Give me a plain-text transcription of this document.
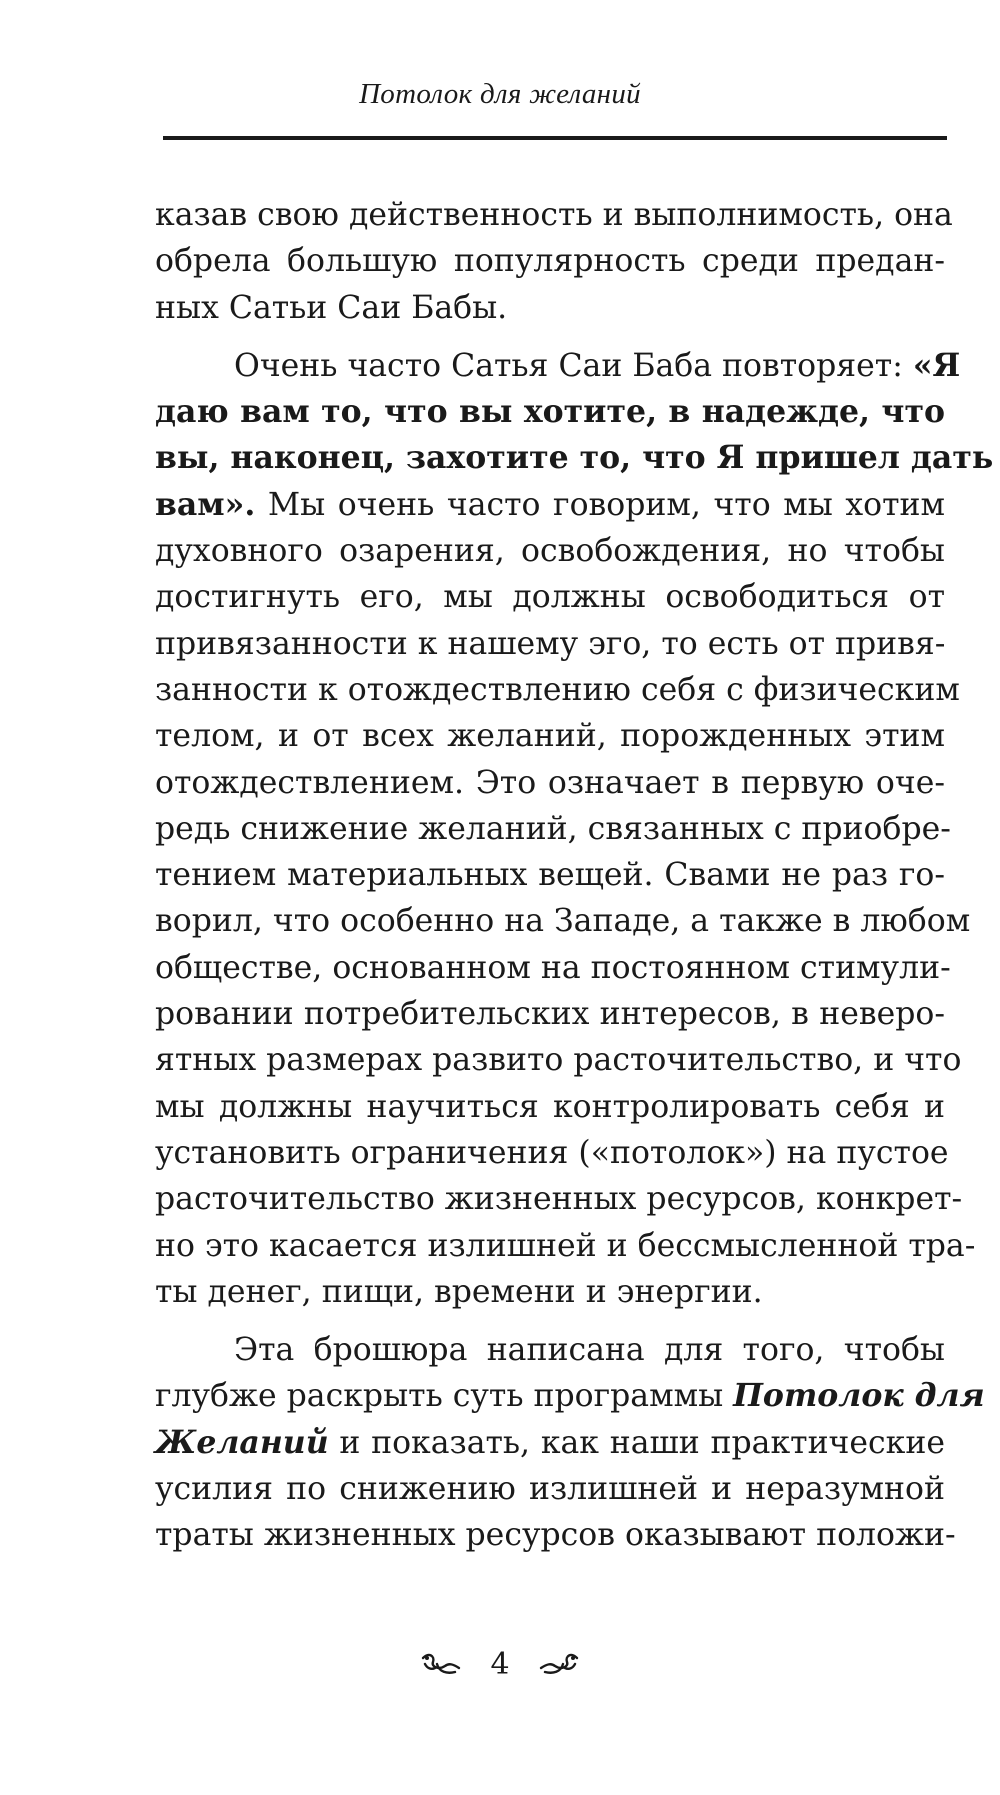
Потолок для желаний
казав свою действенность и выполнимость, она
обрела большую популярность среди предан-
ных Сатьи Саи Бабы.
Очень часто Сатья Саи Баба повторяет: «Я
даю вам то, что вы хотите, в надежде, что
вы, наконец, захотите то, что Я пришел дать
вам». Мы очень часто говорим, что мы хотим
духовного озарения, освобождения, но чтобы
достигнуть его, мы должны освободиться от
привязанности к нашему эго, то есть от привя-
занности к отождествлению себя с физическим
телом, и от всех желаний, порожденных этим
отождествлением. Это означает в первую оче-
редь снижение желаний, связанных с приобре-
тением материальных вещей. Свами не раз го-
ворил, что особенно на Западе, а также в любом
обществе, основанном на постоянном стимули-
ровании потребительских интересов, в неверо-
ятных размерах развито расточительство, и что
мы должны научиться контролировать себя и
установить ограничения («потолок») на пустое
расточительство жизненных ресурсов, конкрет-
но это касается излишней и бессмысленной тра-
ты денег, пищи, времени и энергии.
Эта брошюра написана для того, чтобы
глубже раскрыть суть программы Потолок для
Желаний и показать, как наши практические
усилия по снижению излишней и неразумной
траты жизненных ресурсов оказывают положи-
4
